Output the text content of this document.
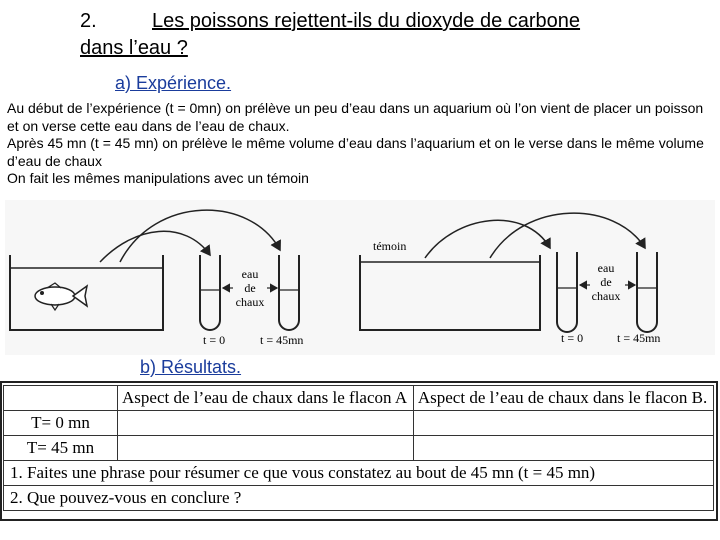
2.	Les poissons rejettent-ils du dioxyde de carbone
dans l’eau ?
a) Expérience.
Au début de l’expérience (t = 0mn) on prélève un peu d’eau dans un aquarium où l’on vient de placer un poisson et on verse cette eau dans de l’eau de chaux.
Après 45 mn (t = 45 mn) on prélève le même volume d’eau dans l’aquarium et on le verse dans le même volume d’eau de chaux
On fait les mêmes manipulations avec un témoin
eau
de
chaux
t = 0	t = 45mn
témoin
eau
de
chaux
t = 0	t = 45mn
b) Résultats.
	Aspect de l’eau de chaux dans le flacon A	Aspect de l’eau de chaux dans le flacon B.
T= 0 mn		
T= 45 mn		
1. Faites une phrase pour résumer ce que vous constatez au bout de 45 mn (t = 45 mn)		
2. Que pouvez-vous en conclure ?		
